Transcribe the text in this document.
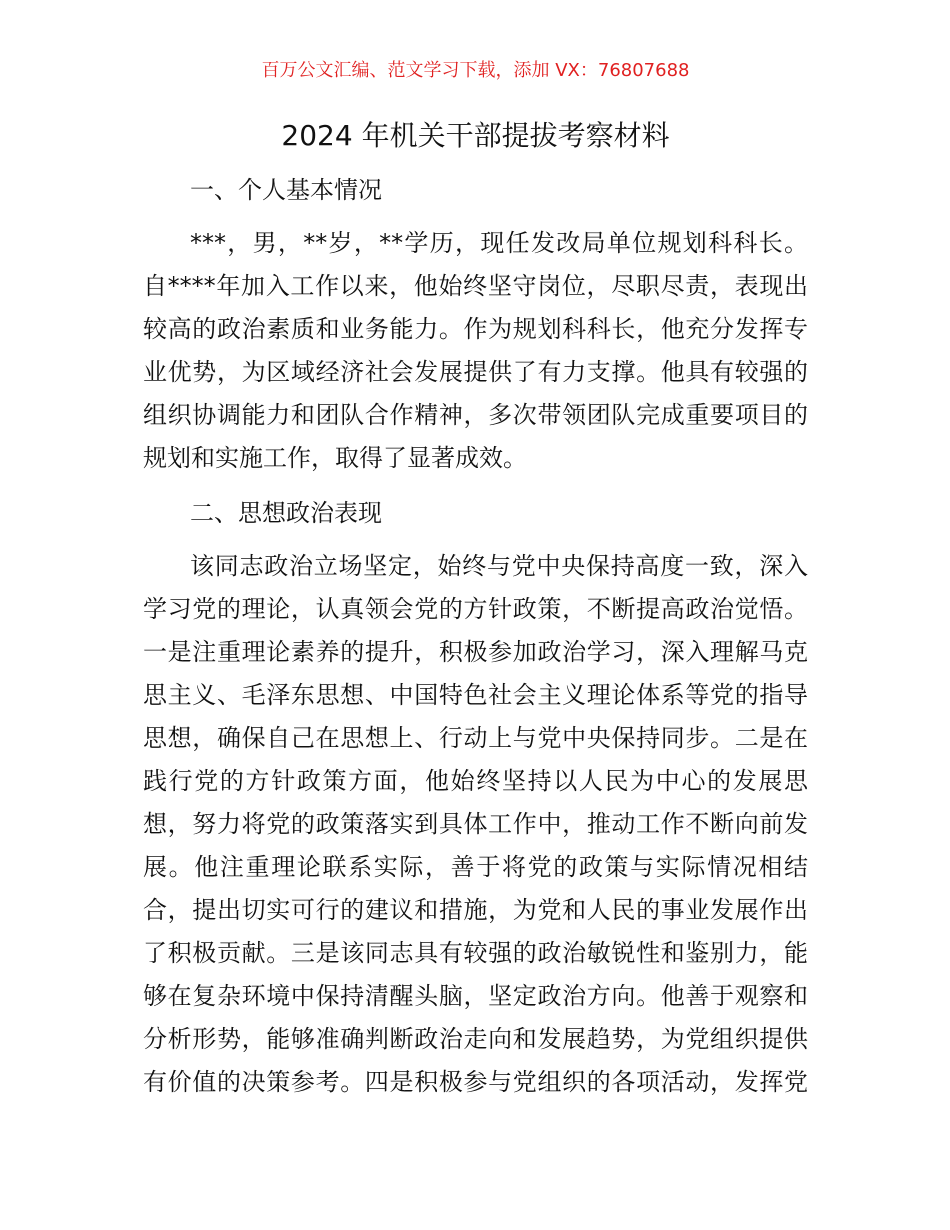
百万公文汇编、范文学习下载，添加 VX：76807688
2024 年机关干部提拔考察材料
一、个人基本情况
***，男，**岁，**学历，现任发改局单位规划科科长。
自****年加入工作以来，他始终坚守岗位，尽职尽责，表现出
较高的政治素质和业务能力。作为规划科科长，他充分发挥专
业优势，为区域经济社会发展提供了有力支撑。他具有较强的
组织协调能力和团队合作精神，多次带领团队完成重要项目的
规划和实施工作，取得了显著成效。
二、思想政治表现
该同志政治立场坚定，始终与党中央保持高度一致，深入
学习党的理论，认真领会党的方针政策，不断提高政治觉悟。
一是注重理论素养的提升，积极参加政治学习，深入理解马克
思主义、毛泽东思想、中国特色社会主义理论体系等党的指导
思想，确保自己在思想上、行动上与党中央保持同步。二是在
践行党的方针政策方面，他始终坚持以人民为中心的发展思
想，努力将党的政策落实到具体工作中，推动工作不断向前发
展。他注重理论联系实际，善于将党的政策与实际情况相结
合，提出切实可行的建议和措施，为党和人民的事业发展作出
了积极贡献。三是该同志具有较强的政治敏锐性和鉴别力，能
够在复杂环境中保持清醒头脑，坚定政治方向。他善于观察和
分析形势，能够准确判断政治走向和发展趋势，为党组织提供
有价值的决策参考。四是积极参与党组织的各项活动，发挥党
